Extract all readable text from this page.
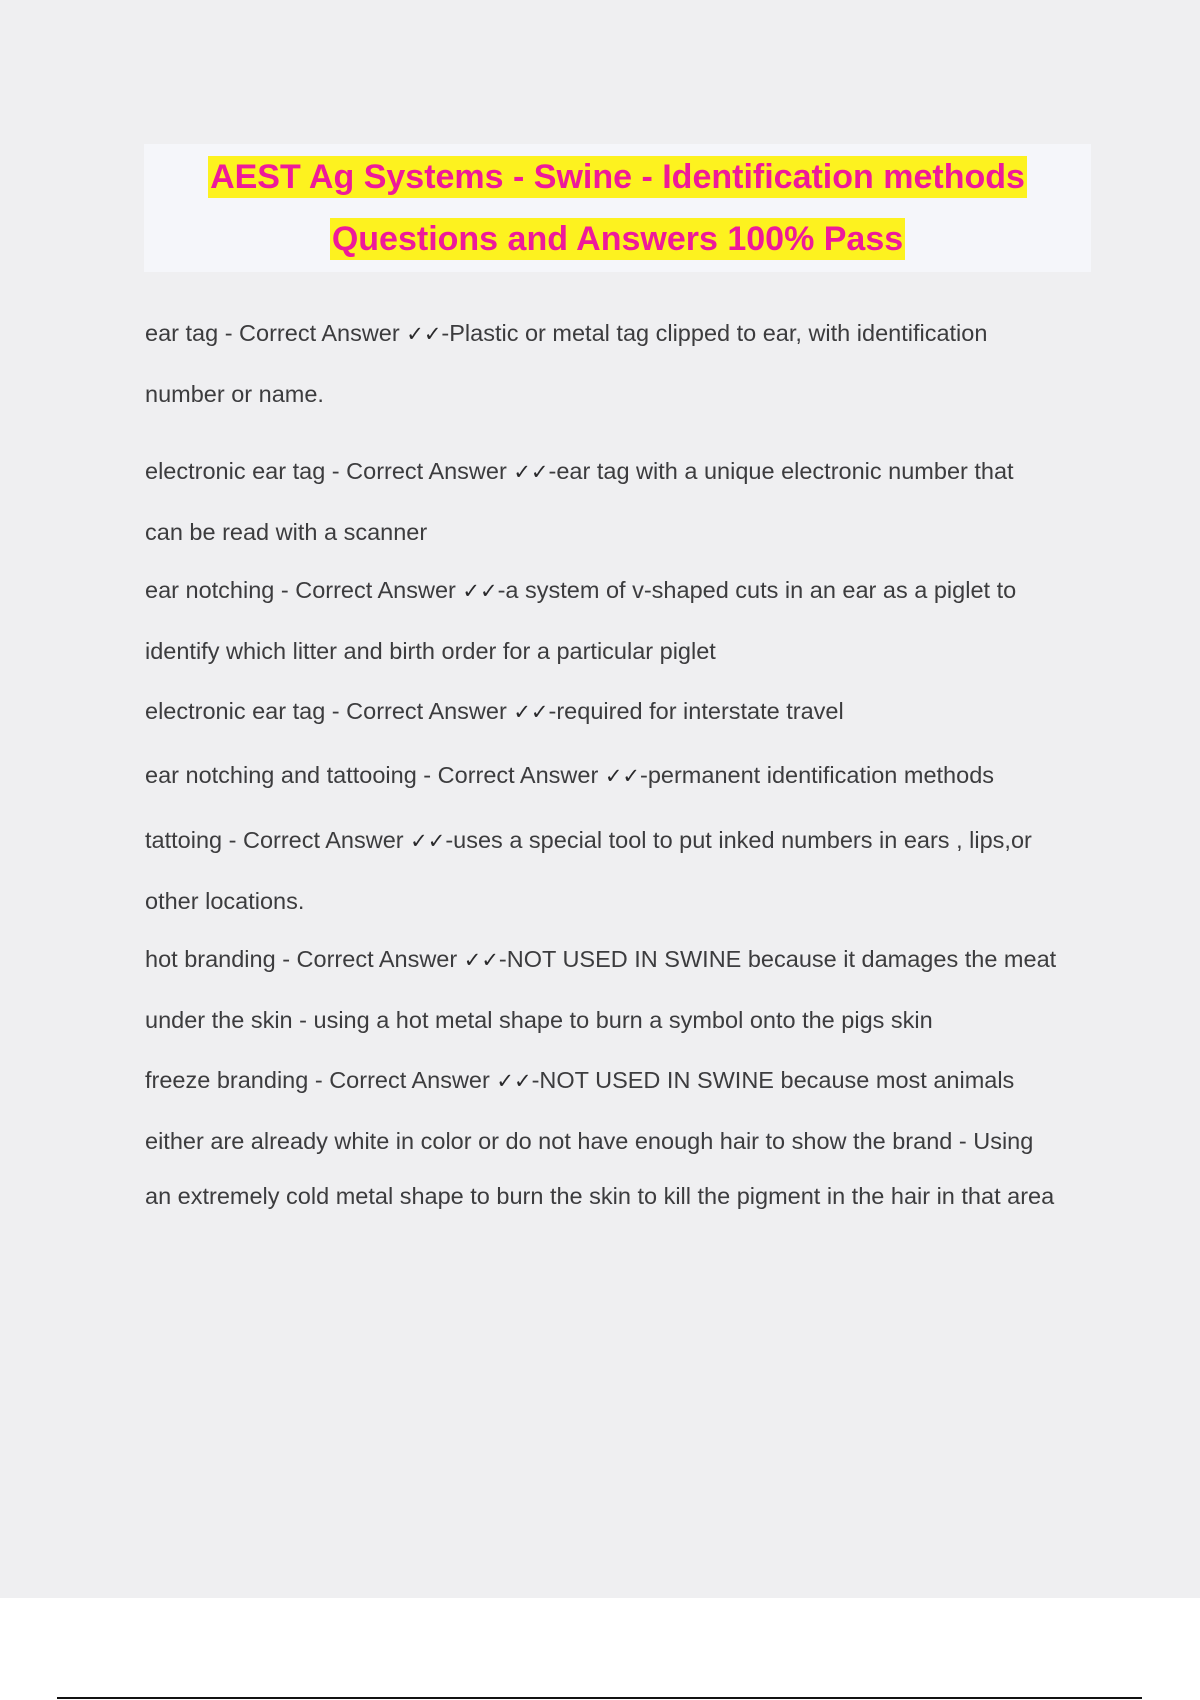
AEST Ag Systems - Swine - Identification methods
Questions and Answers 100% Pass
ear tag - Correct Answer ✓✓-Plastic or metal tag clipped to ear, with identification
number or name.
electronic ear tag - Correct Answer ✓✓-ear tag with a unique electronic number that
can be read with a scanner
ear notching - Correct Answer ✓✓-a system of v-shaped cuts in an ear as a piglet to
identify which litter and birth order for a particular piglet
electronic ear tag - Correct Answer ✓✓-required for interstate travel
ear notching and tattooing - Correct Answer ✓✓-permanent identification methods
tattoing - Correct Answer ✓✓-uses a special tool to put inked numbers in ears , lips,or
other locations.
hot branding - Correct Answer ✓✓-NOT USED IN SWINE because it damages the meat
under the skin - using a hot metal shape to burn a symbol onto the pigs skin
freeze branding - Correct Answer ✓✓-NOT USED IN SWINE because most animals
either are already white in color or do not have enough hair to show the brand - Using
an extremely cold metal shape to burn the skin to kill the pigment in the hair in that area
